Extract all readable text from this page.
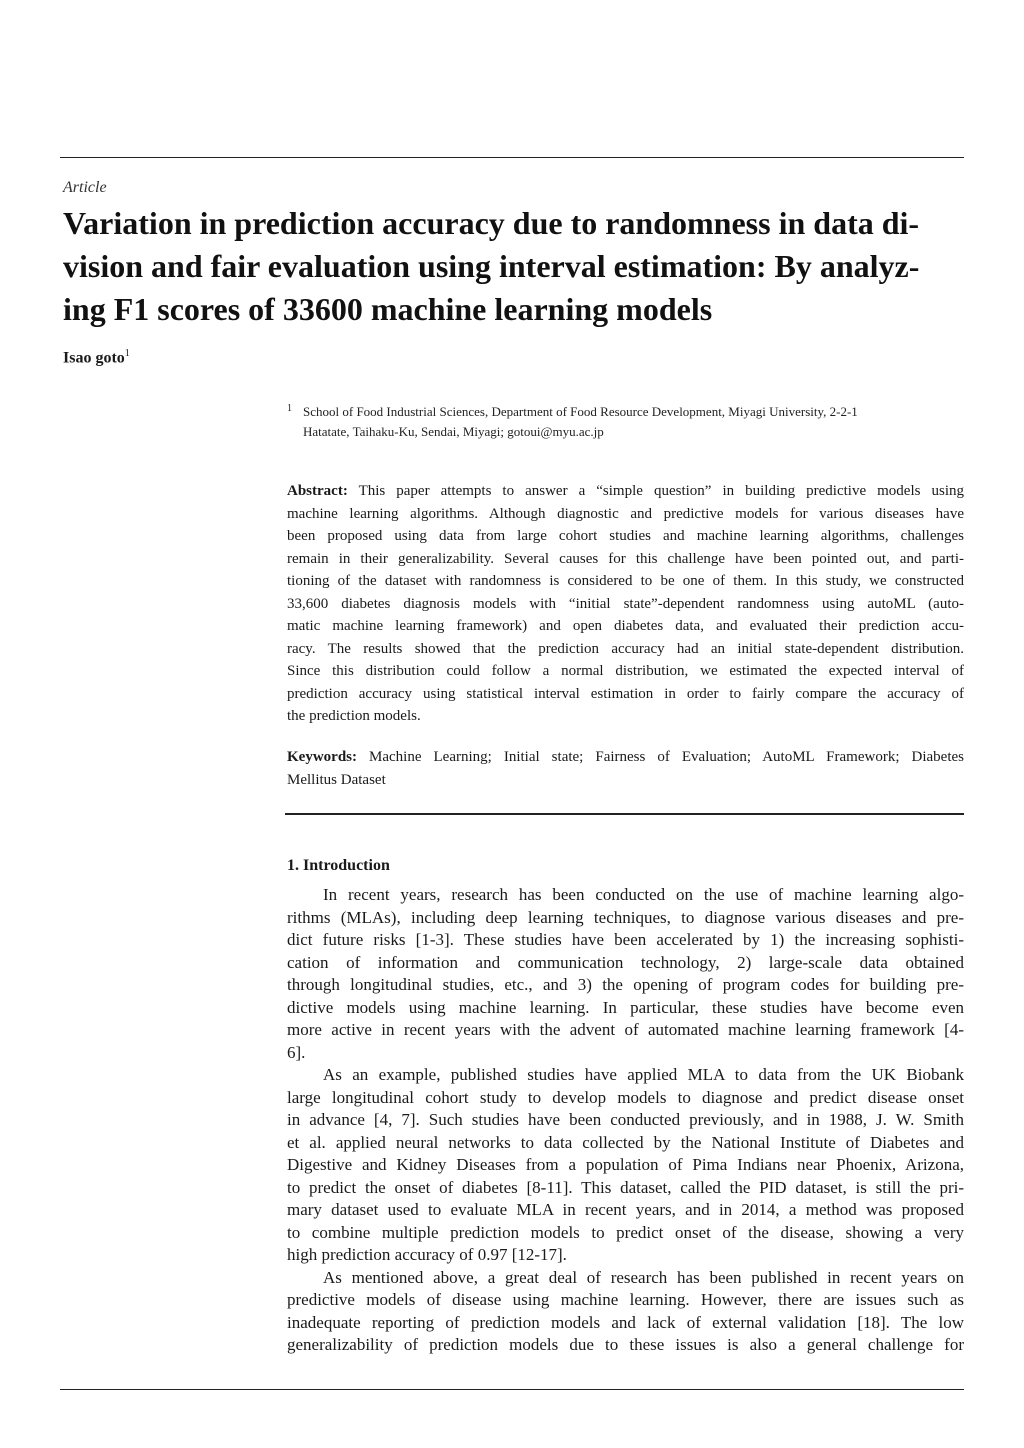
Article
Variation in prediction accuracy due to randomness in data di-
vision and fair evaluation using interval estimation: By analyz-
ing F1 scores of 33600 machine learning models
Isao goto$^1$
1 School of Food Industrial Sciences, Department of Food Resource Development, Miyagi University, 2-2-1
Hatatate, Taihaku-Ku, Sendai, Miyagi; gotoui@myu.ac.jp
Abstract: This paper attempts to answer a “simple question” in building predictive models using
machine learning algorithms. Although diagnostic and predictive models for various diseases have
been proposed using data from large cohort studies and machine learning algorithms, challenges
remain in their generalizability. Several causes for this challenge have been pointed out, and parti-
tioning of the dataset with randomness is considered to be one of them. In this study, we constructed
33,600 diabetes diagnosis models with “initial state”-dependent randomness using autoML (auto-
matic machine learning framework) and open diabetes data, and evaluated their prediction accu-
racy. The results showed that the prediction accuracy had an initial state-dependent distribution.
Since this distribution could follow a normal distribution, we estimated the expected interval of
prediction accuracy using statistical interval estimation in order to fairly compare the accuracy of
the prediction models.
Keywords: Machine Learning; Initial state; Fairness of Evaluation; AutoML Framework; Diabetes
Mellitus Dataset
1. Introduction
In recent years, research has been conducted on the use of machine learning algo-
rithms (MLAs), including deep learning techniques, to diagnose various diseases and pre-
dict future risks [1-3]. These studies have been accelerated by 1) the increasing sophisti-
cation of information and communication technology, 2) large-scale data obtained
through longitudinal studies, etc., and 3) the opening of program codes for building pre-
dictive models using machine learning. In particular, these studies have become even
more active in recent years with the advent of automated machine learning framework [4-
6].
As an example, published studies have applied MLA to data from the UK Biobank
large longitudinal cohort study to develop models to diagnose and predict disease onset
in advance [4, 7]. Such studies have been conducted previously, and in 1988, J. W. Smith
et al. applied neural networks to data collected by the National Institute of Diabetes and
Digestive and Kidney Diseases from a population of Pima Indians near Phoenix, Arizona,
to predict the onset of diabetes [8-11]. This dataset, called the PID dataset, is still the pri-
mary dataset used to evaluate MLA in recent years, and in 2014, a method was proposed
to combine multiple prediction models to predict onset of the disease, showing a very
high prediction accuracy of 0.97 [12-17].
As mentioned above, a great deal of research has been published in recent years on
predictive models of disease using machine learning. However, there are issues such as
inadequate reporting of prediction models and lack of external validation [18]. The low
generalizability of prediction models due to these issues is also a general challenge for
